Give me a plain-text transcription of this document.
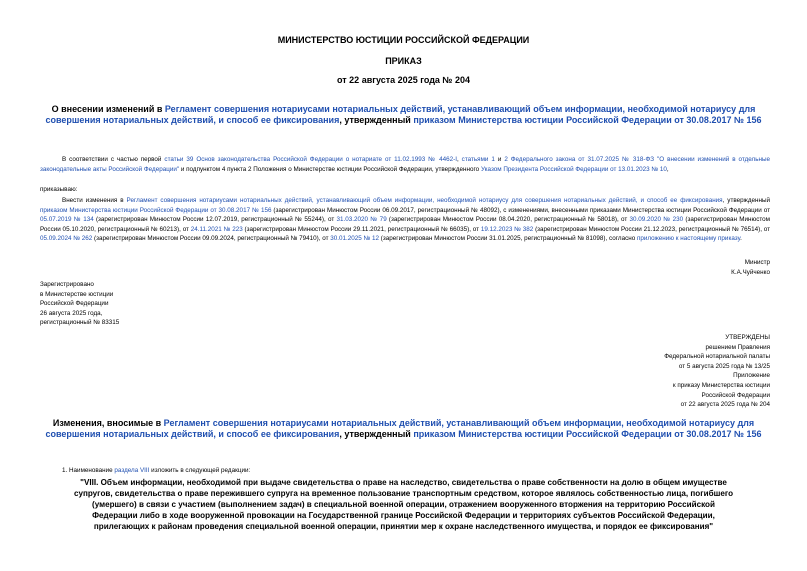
МИНИСТЕРСТВО ЮСТИЦИИ РОССИЙСКОЙ ФЕДЕРАЦИИ
ПРИКАЗ
от 22 августа 2025 года № 204
О внесении изменений в Регламент совершения нотариусами нотариальных действий, устанавливающий объем информации, необходимой нотариусу для совершения нотариальных действий, и способ ее фиксирования, утвержденный приказом Министерства юстиции Российской Федерации от 30.08.2017 № 156
В соответствии с частью первой статьи 39 Основ законодательства Российской Федерации о нотариате от 11.02.1993 № 4462-I, статьями 1 и 2 Федерального закона от 31.07.2025 № 318-ФЗ "О внесении изменений в отдельные законодательные акты Российской Федерации" и подпунктом 4 пункта 2 Положения о Министерстве юстиции Российской Федерации, утвержденного Указом Президента Российской Федерации от 13.01.2023 № 10,
приказываю:
Внести изменения в Регламент совершения нотариусами нотариальных действий, устанавливающий объем информации, необходимой нотариусу для совершения нотариальных действий, и способ ее фиксирования, утвержденный приказом Министерства юстиции Российской Федерации от 30.08.2017 № 156 (зарегистрирован Минюстом России 06.09.2017, регистрационный № 48092), с изменениями, внесенными приказами Министерства юстиции Российской Федерации от 05.07.2019 № 134 (зарегистрирован Минюстом России 12.07.2019, регистрационный № 55244), от 31.03.2020 № 79 (зарегистрирован Минюстом России 08.04.2020, регистрационный № 58018), от 30.09.2020 № 230 (зарегистрирован Минюстом России 05.10.2020, регистрационный № 60213), от 24.11.2021 № 223 (зарегистрирован Минюстом России 29.11.2021, регистрационный № 66035), от 19.12.2023 № 382 (зарегистрирован Минюстом России 21.12.2023, регистрационный № 76514), от 05.09.2024 № 262 (зарегистрирован Минюстом России 09.09.2024, регистрационный № 79410), от 30.01.2025 № 12 (зарегистрирован Минюстом России 31.01.2025, регистрационный № 81098), согласно приложению к настоящему приказу.
Министр
К.А.Чуйченко
Зарегистрировано
в Министерстве юстиции
Российской Федерации
26 августа 2025 года,
регистрационный № 83315
УТВЕРЖДЕНЫ
решением Правления
Федеральной нотариальной палаты
от 5 августа 2025 года № 13/25
Приложение
к приказу Министерства юстиции
Российской Федерации
от 22 августа 2025 года № 204
Изменения, вносимые в Регламент совершения нотариусами нотариальных действий, устанавливающий объем информации, необходимой нотариусу для совершения нотариальных действий, и способ ее фиксирования, утвержденный приказом Министерства юстиции Российской Федерации от 30.08.2017 № 156
1. Наименование раздела VIII изложить в следующей редакции:
"VIII. Объем информации, необходимой при выдаче свидетельства о праве на наследство, свидетельства о праве собственности на долю в общем имуществе
супругов, свидетельства о праве пережившего супруга на временное пользование транспортным средством, которое являлось собственностью лица, погибшего
(умершего) в связи с участием (выполнением задач) в специальной военной операции, отражением вооруженного вторжения на территорию Российской
Федерации либо в ходе вооруженной провокации на Государственной границе Российской Федерации и территориях субъектов Российской Федерации,
прилегающих к районам проведения специальной военной операции, принятии мер к охране наследственного имущества, и порядок ее фиксирования"
